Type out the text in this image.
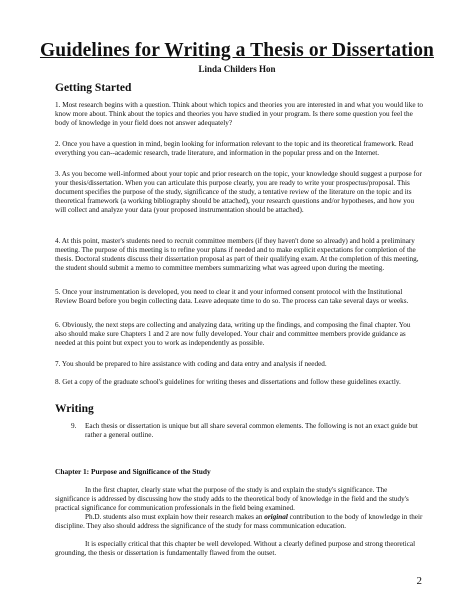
Guidelines for Writing a Thesis or Dissertation
Linda Childers Hon
Getting Started
1. Most research begins with a question. Think about which topics and theories you are interested in and what you would like to know more about. Think about the topics and theories you have studied in your program. Is there some question you feel the body of knowledge in your field does not answer adequately?
2. Once you have a question in mind, begin looking for information relevant to the topic and its theoretical framework. Read everything you can--academic research, trade literature, and information in the popular press and on the Internet.
3. As you become well-informed about your topic and prior research on the topic, your knowledge should suggest a purpose for your thesis/dissertation. When you can articulate this purpose clearly, you are ready to write your prospectus/proposal. This document specifies the purpose of the study, significance of the study, a tentative review of the literature on the topic and its theoretical framework (a working bibliography should be attached), your research questions and/or hypotheses, and how you will collect and analyze your data (your proposed instrumentation should be attached).
4. At this point, master's students need to recruit committee members (if they haven't done so already) and hold a preliminary meeting. The purpose of this meeting is to refine your plans if needed and to make explicit expectations for completion of the thesis. Doctoral students discuss their dissertation proposal as part of their qualifying exam. At the completion of this meeting, the student should submit a memo to committee members summarizing what was agreed upon during the meeting.
5. Once your instrumentation is developed, you need to clear it and your informed consent protocol with the Institutional Review Board before you begin collecting data. Leave adequate time to do so. The process can take several days or weeks.
6. Obviously, the next steps are collecting and analyzing data, writing up the findings, and composing the final chapter. You also should make sure Chapters 1 and 2 are now fully developed. Your chair and committee members provide guidance as needed at this point but expect you to work as independently as possible.
7. You should be prepared to hire assistance with coding and data entry and analysis if needed.
8. Get a copy of the graduate school's guidelines for writing theses and dissertations and follow these guidelines exactly.
Writing
9. Each thesis or dissertation is unique but all share several common elements. The following is not an exact guide but rather a general outline.
Chapter 1: Purpose and Significance of the Study
In the first chapter, clearly state what the purpose of the study is and explain the study's significance. The significance is addressed by discussing how the study adds to the theoretical body of knowledge in the field and the study's practical significance for communication professionals in the field being examined.
Ph.D. students also must explain how their research makes an original contribution to the body of knowledge in their discipline. They also should address the significance of the study for mass communication education.
It is especially critical that this chapter be well developed. Without a clearly defined purpose and strong theoretical grounding, the thesis or dissertation is fundamentally flawed from the outset.
2
